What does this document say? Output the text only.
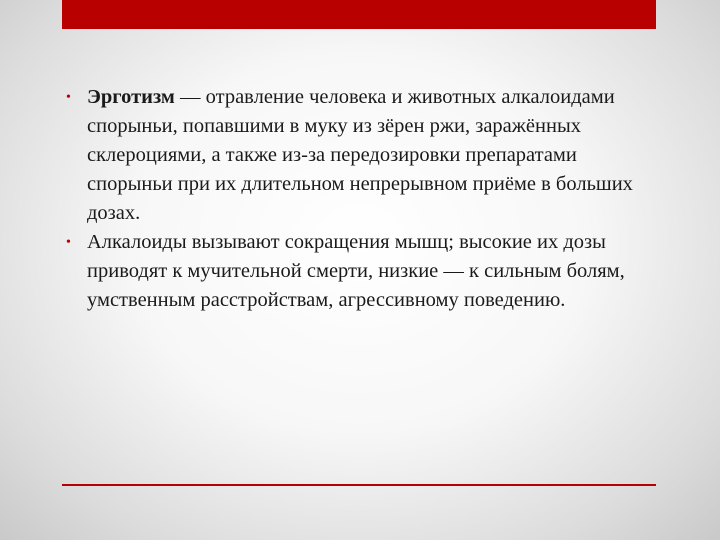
• Эрготизм — отравление человека и животных алкалоидами спорыньи, попавшими в муку из зёрен ржи, заражённых склероциями, а также из-за передозировки препаратами спорыньи при их длительном непрерывном приёме в больших дозах.
• Алкалоиды вызывают сокращения мышц; высокие их дозы приводят к мучительной смерти, низкие — к сильным болям, умственным расстройствам, агрессивному поведению.
